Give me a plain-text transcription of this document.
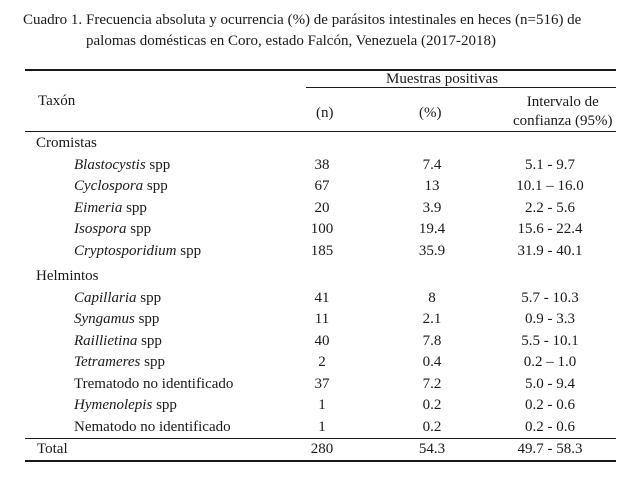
Cuadro 1. Frecuencia absoluta y ocurrencia (%) de parásitos intestinales en heces (n=516) de
palomas domésticas en Coro, estado Falcón, Venezuela (2017-2018)
Muestras positivas
Taxón
(n)	(%)
Intervalo de
confianza (95%)
Cromistas
Blastocystis spp	38	7.4	5.1 - 9.7
Cyclospora spp	67	13	10.1 – 16.0
Eimeria spp	20	3.9	2.2 - 5.6
Isospora spp	100	19.4	15.6 - 22.4
Cryptosporidium spp	185	35.9	31.9 - 40.1
Helmintos
Capillaria spp	41	8	5.7 - 10.3
Syngamus spp	11	2.1	0.9 - 3.3
Raillietina spp	40	7.8	5.5 - 10.1
Tetrameres spp	2	0.4	0.2 – 1.0
Trematodo no identificado	37	7.2	5.0 - 9.4
Hymenolepis spp	1	0.2	0.2 - 0.6
Nematodo no identificado	1	0.2	0.2 - 0.6
Total	280	54.3	49.7 - 58.3
